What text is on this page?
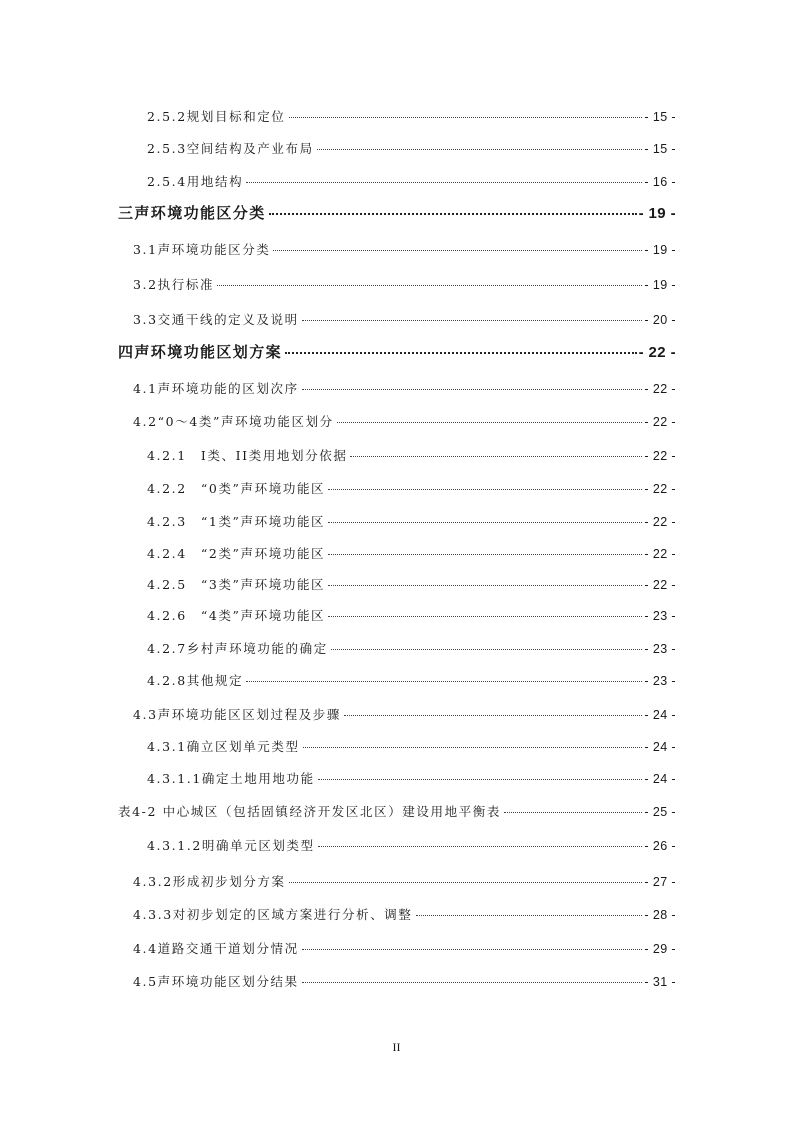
2.5.2规划目标和定位	- 15 -
2.5.3空间结构及产业布局	- 15 -
2.5.4用地结构	- 16 -
三声环境功能区分类	- 19 -
3.1声环境功能区分类	- 19 -
3.2执行标准	- 19 -
3.3交通干线的定义及说明	- 20 -
四声环境功能区划方案	- 22 -
4.1声环境功能的区划次序	- 22 -
4.2“0～4类”声环境功能区划分	- 22 -
4.2.1　I类、II类用地划分依据	- 22 -
4.2.2　“0类”声环境功能区	- 22 -
4.2.3　“1类”声环境功能区	- 22 -
4.2.4　“2类”声环境功能区	- 22 -
4.2.5　“3类”声环境功能区	- 22 -
4.2.6　“4类”声环境功能区	- 23 -
4.2.7乡村声环境功能的确定	- 23 -
4.2.8其他规定	- 23 -
4.3声环境功能区区划过程及步骤	- 24 -
4.3.1确立区划单元类型	- 24 -
4.3.1.1确定土地用地功能	- 24 -
表4-2 中心城区（包括固镇经济开发区北区）建设用地平衡表	- 25 -
4.3.1.2明确单元区划类型	- 26 -
4.3.2形成初步划分方案	- 27 -
4.3.3对初步划定的区域方案进行分析、调整	- 28 -
4.4道路交通干道划分情况	- 29 -
4.5声环境功能区划分结果	- 31 -
II
